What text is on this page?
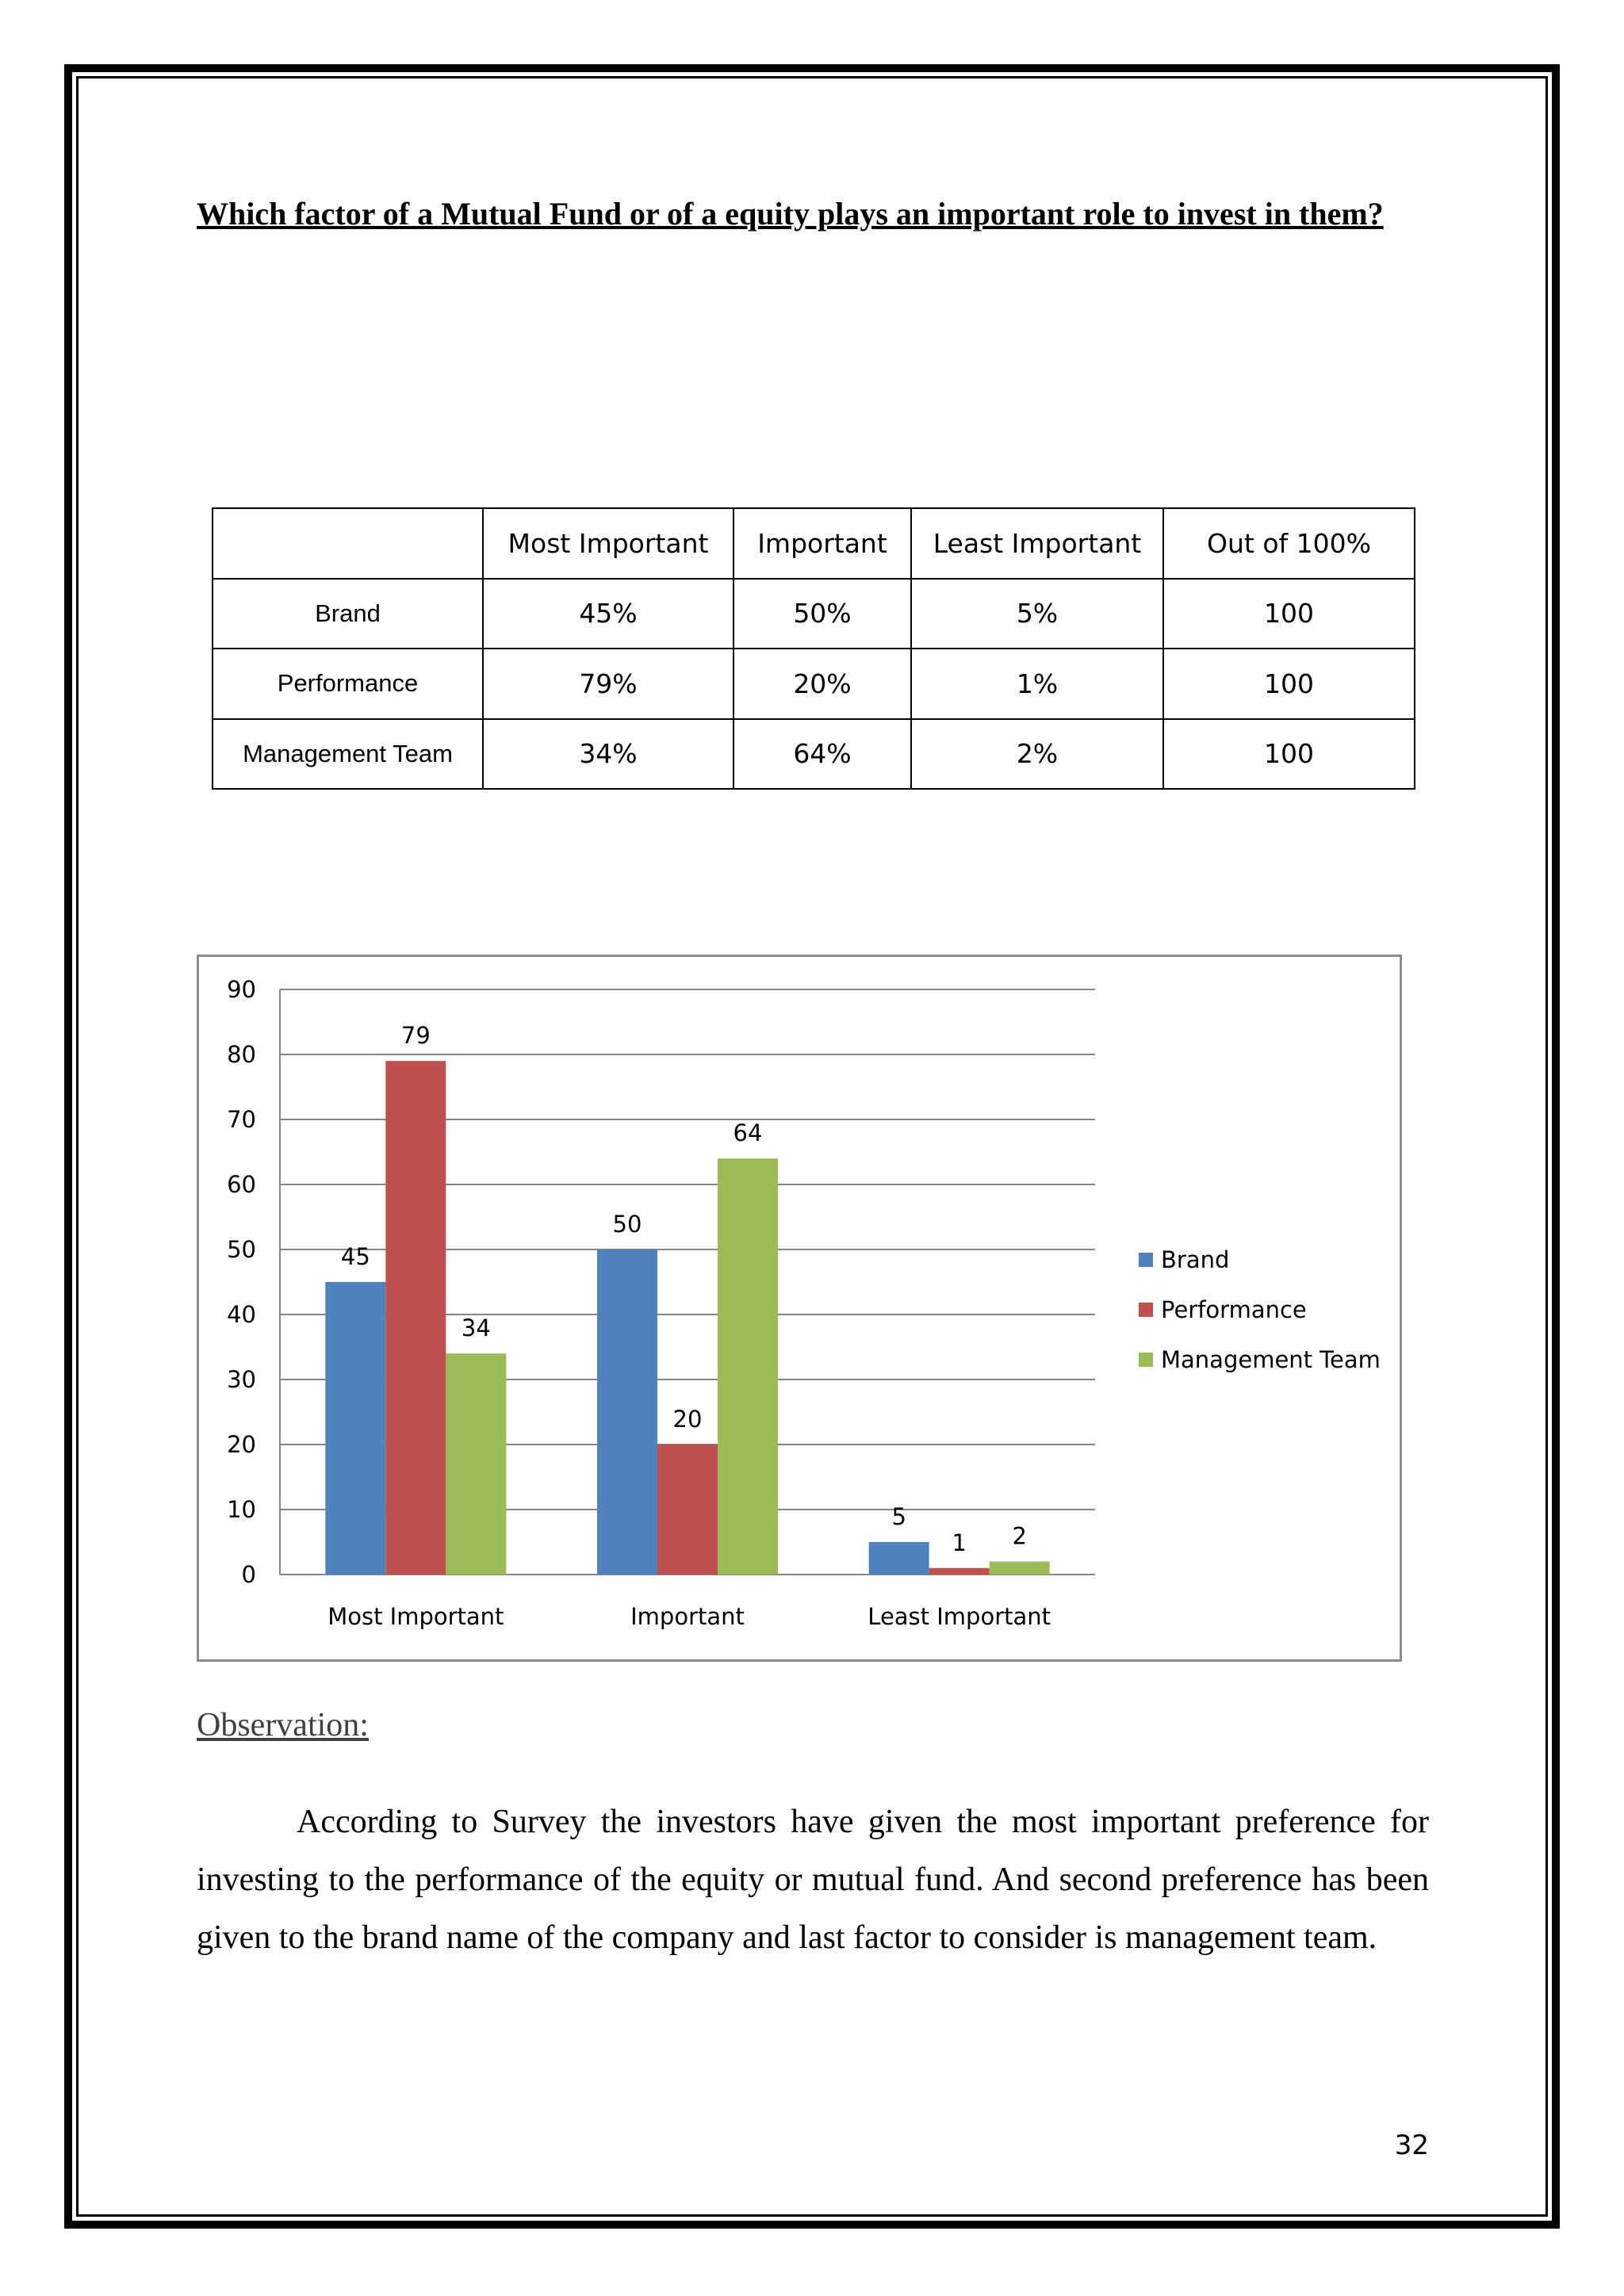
Which factor of a Mutual Fund or of a equity plays an important role to invest in them?
	Most Important	Important	Least Important	Out of 100%
Brand	45%	50%	5%	100
Performance	79%	20%	1%	100
Management Team	34%	64%	2%	100
0
10
20
30
40
50
60
70
80
90
45
79
34
Most Important
50
20
64
Important
5
1 2
Least Important
Brand
Performance
Management Team

Observation:

According to Survey the investors have given the most important preference for investing to the performance of the equity or mutual fund. And second preference has been given to the brand name of the company and last factor to consider is management team.

32
